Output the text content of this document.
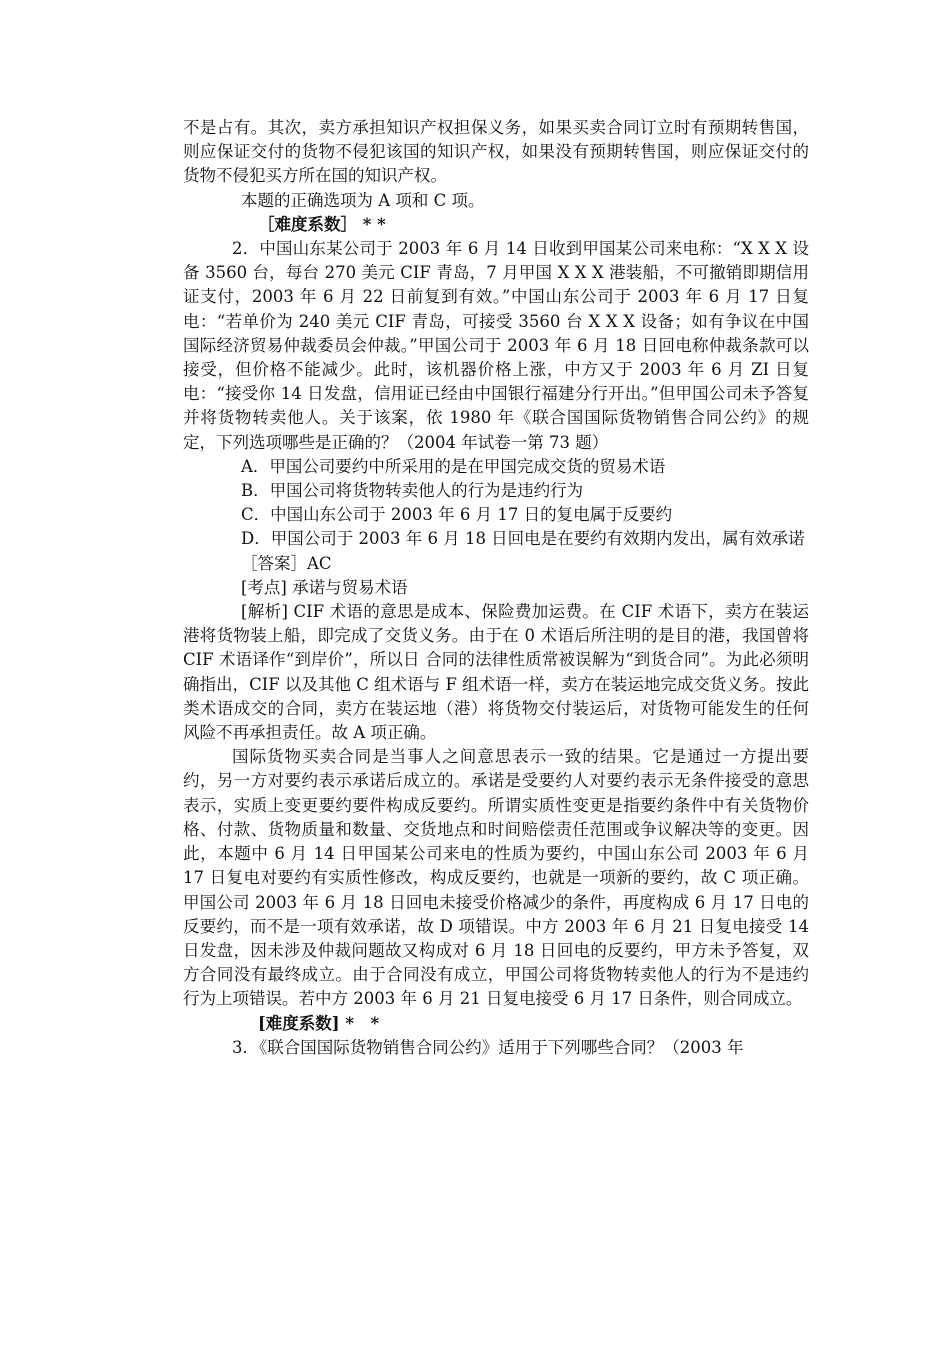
不是占有。其次，卖方承担知识产权担保义务，如果买卖合同订立时有预期转售国，则应保证交付的货物不侵犯该国的知识产权，如果没有预期转售国，则应保证交付的货物不侵犯买方所在国的知识产权。

本题的正确选项为 A 项和 C 项。

［难度系数］ * *

2．中国山东某公司于 2003 年 6 月 14 日收到甲国某公司来电称：“X X X 设备 3560 台，每台 270 美元 CIF 青岛，7 月甲国 X X X 港装船，不可撤销即期信用证支付，2003 年 6 月 22 日前复到有效。”中国山东公司于 2003 年 6 月 17 日复电：“若单价为 240 美元 CIF 青岛，可接受 3560 台 X X X 设备；如有争议在中国国际经济贸易仲裁委员会仲裁。”甲国公司于 2003 年 6 月 18 日回电称仲裁条款可以接受，但价格不能减少。此时，该机器价格上涨，中方又于 2003 年 6 月 ZI 日复电：“接受你 14 日发盘，信用证已经由中国银行福建分行开出。”但甲国公司未予答复并将货物转卖他人。关于该案，依 1980 年《联合国国际货物销售合同公约》的规定，下列选项哪些是正确的？（2004 年试卷一第 73 题）

A．甲国公司要约中所采用的是在甲国完成交货的贸易术语

B．甲国公司将货物转卖他人的行为是违约行为

C．中国山东公司于 2003 年 6 月 17 日的复电属于反要约

D．甲国公司于 2003 年 6 月 18 日回电是在要约有效期内发出，属有效承诺

［答案］AC

[考点] 承诺与贸易术语

[解析] CIF 术语的意思是成本、保险费加运费。在 CIF 术语下，卖方在装运港将货物装上船，即完成了交货义务。由于在 0 术语后所注明的是目的港，我国曾将 CIF 术语译作“到岸价”，所以日 合同的法律性质常被误解为“到货合同”。为此必须明确指出，CIF 以及其他 C 组术语与 F 组术语一样，卖方在装运地完成交货义务。按此类术语成交的合同，卖方在装运地（港）将货物交付装运后，对货物可能发生的任何风险不再承担责任。故 A 项正确。

国际货物买卖合同是当事人之间意思表示一致的结果。它是通过一方提出要约，另一方对要约表示承诺后成立的。承诺是受要约人对要约表示无条件接受的意思表示，实质上变更要约要件构成反要约。所谓实质性变更是指要约条件中有关货物价格、付款、货物质量和数量、交货地点和时间赔偿责任范围或争议解决等的变更。因此，本题中 6 月 14 日甲国某公司来电的性质为要约，中国山东公司 2003 年 6 月 17 日复电对要约有实质性修改，构成反要约，也就是一项新的要约，故 C 项正确。甲国公司 2003 年 6 月 18 日回电未接受价格减少的条件，再度构成 6 月 17 日电的反要约，而不是一项有效承诺，故 D 项错误。中方 2003 年 6 月 21 日复电接受 14 日发盘，因未涉及仲裁问题故又构成对 6 月 18 日回电的反要约，甲方未予答复，双方合同没有最终成立。由于合同没有成立，甲国公司将货物转卖他人的行为不是违约行为上项错误。若中方 2003 年 6 月 21 日复电接受 6 月 17 日条件，则合同成立。

[难度系数] *　*

3．《联合国国际货物销售合同公约》适用于下列哪些合同？（2003 年
